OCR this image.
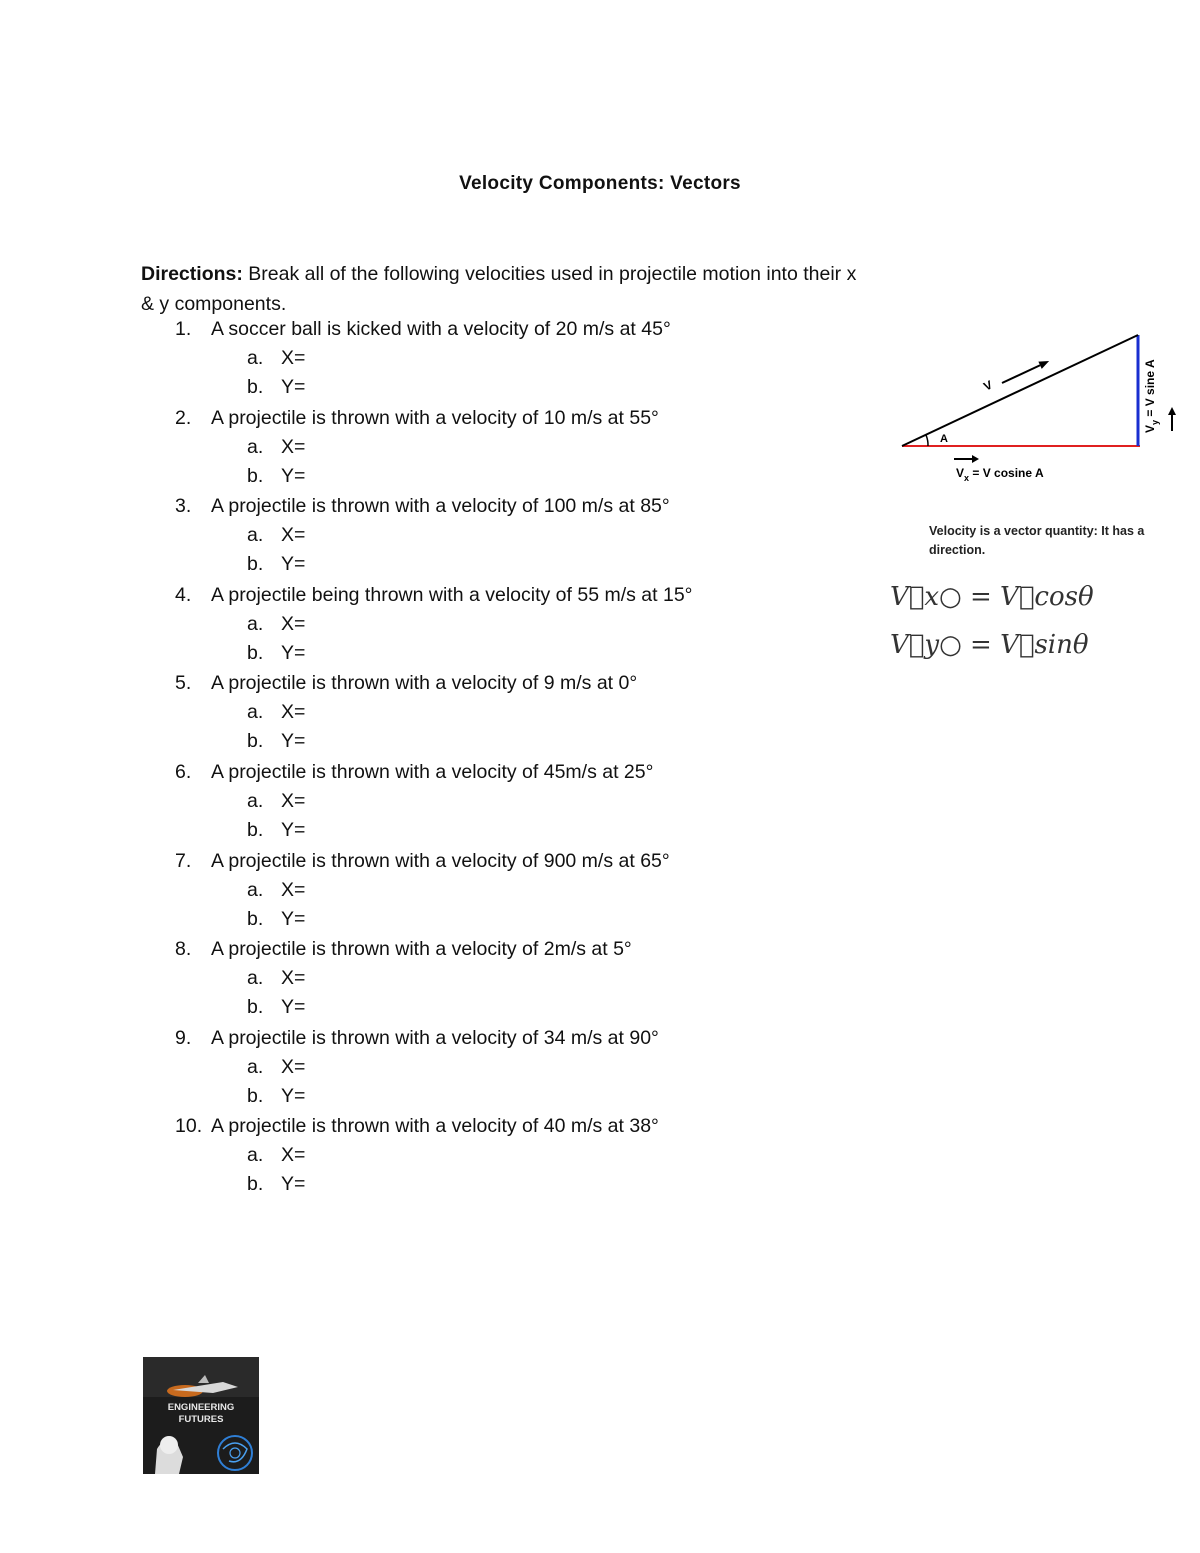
Velocity Components: Vectors
Directions: Break all of the following velocities used in projectile motion into their x & y components.
1.	A soccer ball is kicked with a velocity of 20 m/s at 45°
a. X=
b. Y=
2.	A projectile is thrown with a velocity of 10 m/s at 55°
a. X=
b. Y=
3.	A projectile is thrown with a velocity of 100 m/s at 85°
a. X=
b. Y=
4.	A projectile being thrown with a velocity of 55 m/s at 15°
a. X=
b. Y=
5.	A projectile is thrown with a velocity of 9 m/s at 0°
a. X=
b. Y=
6.	A projectile is thrown with a velocity of 45m/s at 25°
a. X=
b. Y=
7.	A projectile is thrown with a velocity of 900 m/s at 65°
a. X=
b. Y=
8.	A projectile is thrown with a velocity of 2m/s at 5°
a. X=
b. Y=
9.	A projectile is thrown with a velocity of 34 m/s at 90°
a. X=
b. Y=
10. A projectile is thrown with a velocity of 40 m/s at 38°
a. X=
b. Y=
A
V
$V_x = V$ cosine A
$V_y = V$ sine A
Velocity is a vector quantity: It has a direction.
V⃗x○ = V⃗cosθ
V⃗y○ = V⃗sinθ
ENGINEERING
FUTURES
